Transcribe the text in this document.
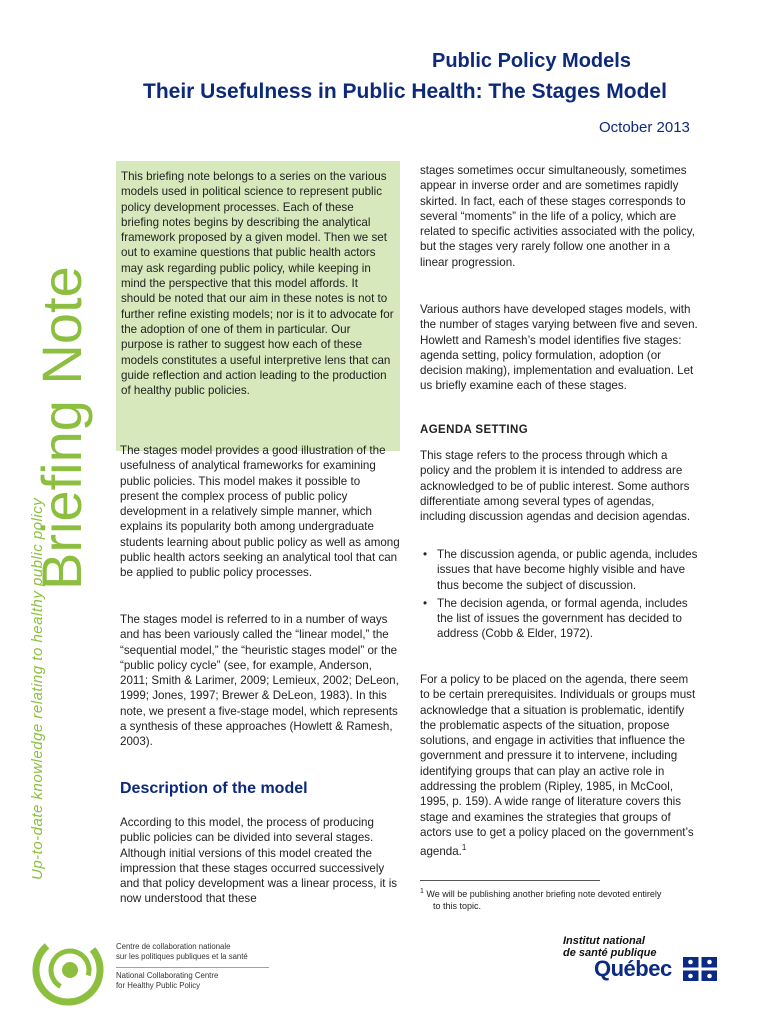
Public Policy Models
Their Usefulness in Public Health: The Stages Model
October 2013
Briefing Note
Up-to-date knowledge relating to healthy public policy

This briefing note belongs to a series on the various models used in political science to represent public policy development processes. Each of these briefing notes begins by describing the analytical framework proposed by a given model. Then we set out to examine questions that public health actors may ask regarding public policy, while keeping in mind the perspective that this model affords. It should be noted that our aim in these notes is not to further refine existing models; nor is it to advocate for the adoption of one of them in particular. Our purpose is rather to suggest how each of these models constitutes a useful interpretive lens that can guide reflection and action leading to the production of healthy public policies.

The stages model provides a good illustration of the usefulness of analytical frameworks for examining public policies. This model makes it possible to present the complex process of public policy development in a relatively simple manner, which explains its popularity both among undergraduate students learning about public policy as well as among public health actors seeking an analytical tool that can be applied to public policy processes.

The stages model is referred to in a number of ways and has been variously called the “linear model,” the “sequential model,” the “heuristic stages model” or the “public policy cycle” (see, for example, Anderson, 2011; Smith & Larimer, 2009; Lemieux, 2002; DeLeon, 1999; Jones, 1997; Brewer & DeLeon, 1983). In this note, we present a five-stage model, which represents a synthesis of these approaches (Howlett & Ramesh, 2003).

Description of the model

According to this model, the process of producing public policies can be divided into several stages. Although initial versions of this model created the impression that these stages occurred successively and that policy development was a linear process, it is now understood that these

stages sometimes occur simultaneously, sometimes appear in inverse order and are sometimes rapidly skirted. In fact, each of these stages corresponds to several “moments” in the life of a policy, which are related to specific activities associated with the policy, but the stages very rarely follow one another in a linear progression.

Various authors have developed stages models, with the number of stages varying between five and seven. Howlett and Ramesh’s model identifies five stages: agenda setting, policy formulation, adoption (or decision making), implementation and evaluation. Let us briefly examine each of these stages.

AGENDA SETTING

This stage refers to the process through which a policy and the problem it is intended to address are acknowledged to be of public interest. Some authors differentiate among several types of agendas, including discussion agendas and decision agendas.

• The discussion agenda, or public agenda, includes issues that have become highly visible and have thus become the subject of discussion.
• The decision agenda, or formal agenda, includes the list of issues the government has decided to address (Cobb & Elder, 1972).

For a policy to be placed on the agenda, there seem to be certain prerequisites. Individuals or groups must acknowledge that a situation is problematic, identify the problematic aspects of the situation, propose solutions, and engage in activities that influence the government and pressure it to intervene, including identifying groups that can play an active role in addressing the problem (Ripley, 1985, in McCool, 1995, p. 159). A wide range of literature covers this stage and examines the strategies that groups of actors use to get a policy placed on the government’s agenda.$^1$

$^1$ We will be publishing another briefing note devoted entirely
to this topic.
Centre de collaboration nationale
sur les politiques publiques et la santé
National Collaborating Centre
for Healthy Public Policy
Institut national
de santé publique
Québec
